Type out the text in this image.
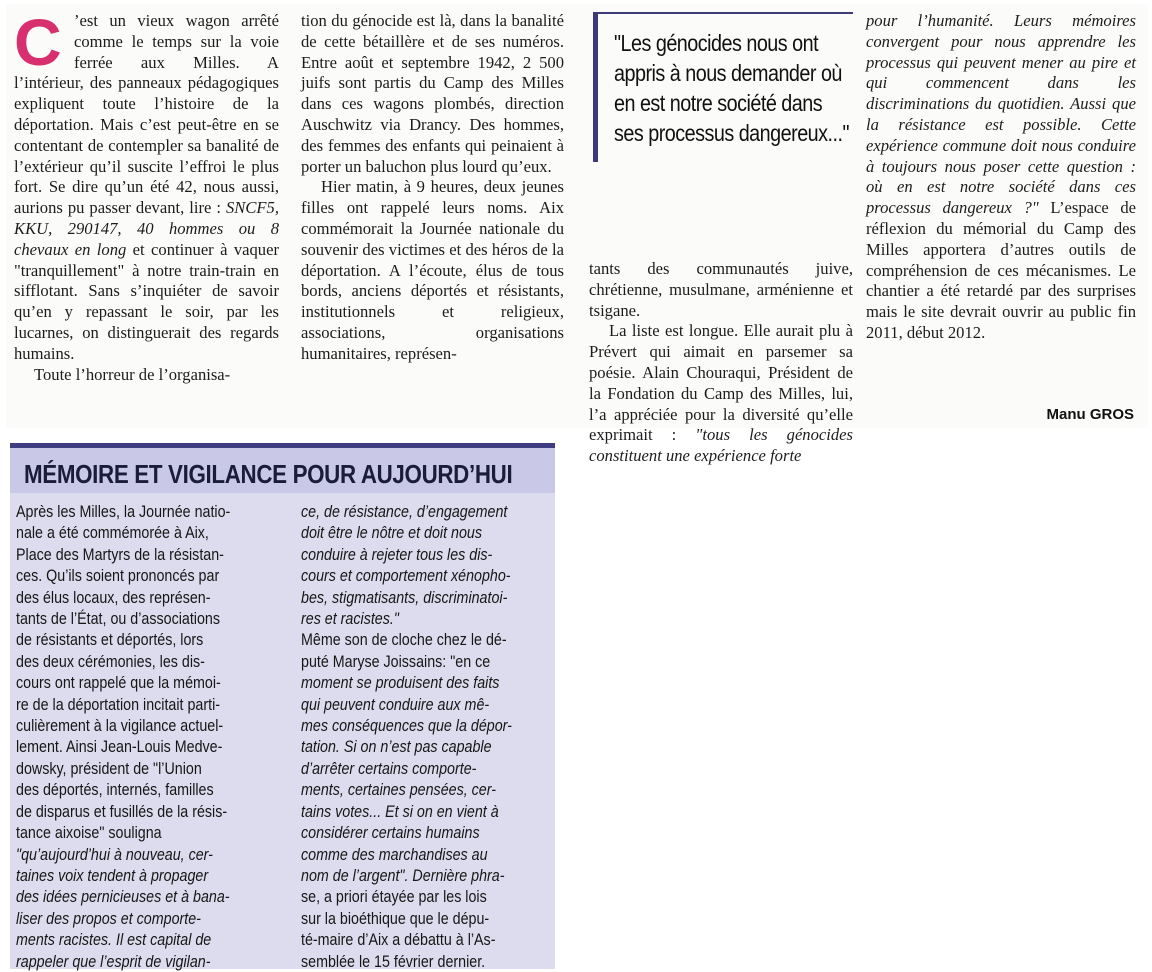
C ’est un vieux wagon arrêté comme le temps sur la voie ferrée aux Milles. A l’intérieur, des panneaux pédagogiques expliquent toute l’histoire de la déportation. Mais c’est peut-être en se contentant de contempler sa banalité de l’extérieur qu’il suscite l’effroi le plus fort. Se dire qu’un été 42, nous aussi, aurions pu passer devant, lire : SNCF5, KKU, 290147, 40 hommes ou 8 chevaux en long et continuer à vaquer "tranquillement" à notre train-train en sifflotant. Sans s’inquiéter de savoir qu’en y repassant le soir, par les lucarnes, on distinguerait des regards humains.

Toute l’horreur de l’organisa-

tion du génocide est là, dans la banalité de cette bétaillère et de ses numéros. Entre août et septembre 1942, 2 500 juifs sont partis du Camp des Milles dans ces wagons plombés, direction Auschwitz via Drancy. Des hommes, des femmes des enfants qui peinaient à porter un baluchon plus lourd qu’eux.

Hier matin, à 9 heures, deux jeunes filles ont rappelé leurs noms. Aix commémorait la Journée nationale du souvenir des victimes et des héros de la déportation. A l’écoute, élus de tous bords, anciens déportés et résistants, institutionnels et religieux, associations, organisations humanitaires, représen-

"Les génocides nous ont
appris à nous demander où
en est notre société dans
ses processus dangereux..."

tants des communautés juive, chrétienne, musulmane, arménienne et tsigane.

La liste est longue. Elle aurait plu à Prévert qui aimait en parsemer sa poésie. Alain Chouraqui, Président de la Fondation du Camp des Milles, lui, l’a appréciée pour la diversité qu’elle exprimait : "tous les génocides constituent une expérience forte

pour l’humanité. Leurs mémoires convergent pour nous apprendre les processus qui peuvent mener au pire et qui commencent dans les discriminations du quotidien. Aussi que la résistance est possible. Cette expérience commune doit nous conduire à toujours nous poser cette question : où en est notre société dans ces processus dangereux ?" L’espace de réflexion du mémorial du Camp des Milles apportera d’autres outils de compréhension de ces mécanismes. Le chantier a été retardé par des surprises mais le site devrait ouvrir au public fin 2011, début 2012.

Manu GROS
MÉMOIRE ET VIGILANCE POUR AUJOURD’HUI
Après les Milles, la Journée natio-
nale a été commémorée à Aix,
Place des Martyrs de la résistan-
ces. Qu’ils soient prononcés par
des élus locaux, des représen-
tants de l’État, ou d’associations
de résistants et déportés, lors
des deux cérémonies, les dis-
cours ont rappelé que la mémoi-
re de la déportation incitait parti-
culièrement à la vigilance actuel-
lement. Ainsi Jean-Louis Medve-
dowsky, président de "l’Union
des déportés, internés, familles
de disparus et fusillés de la résis-
tance aixoise" souligna
"qu’aujourd’hui à nouveau, cer-
taines voix tendent à propager
des idées pernicieuses et à bana-
liser des propos et comporte-
ments racistes. Il est capital de
rappeler que l’esprit de vigilan-
ce, de résistance, d’engagement
doit être le nôtre et doit nous
conduire à rejeter tous les dis-
cours et comportement xénopho-
bes, stigmatisants, discriminatoi-
res et racistes."
Même son de cloche chez le dé-
puté Maryse Joissains: "en ce
moment se produisent des faits
qui peuvent conduire aux mê-
mes conséquences que la dépor-
tation. Si on n’est pas capable
d’arrêter certains comporte-
ments, certaines pensées, cer-
tains votes... Et si on en vient à
considérer certains humains
comme des marchandises au
nom de l’argent". Dernière phra-
se, a priori étayée par les lois
sur la bioéthique que le dépu-
té-maire d’Aix a débattu à l’As-
semblée le 15 février dernier.
